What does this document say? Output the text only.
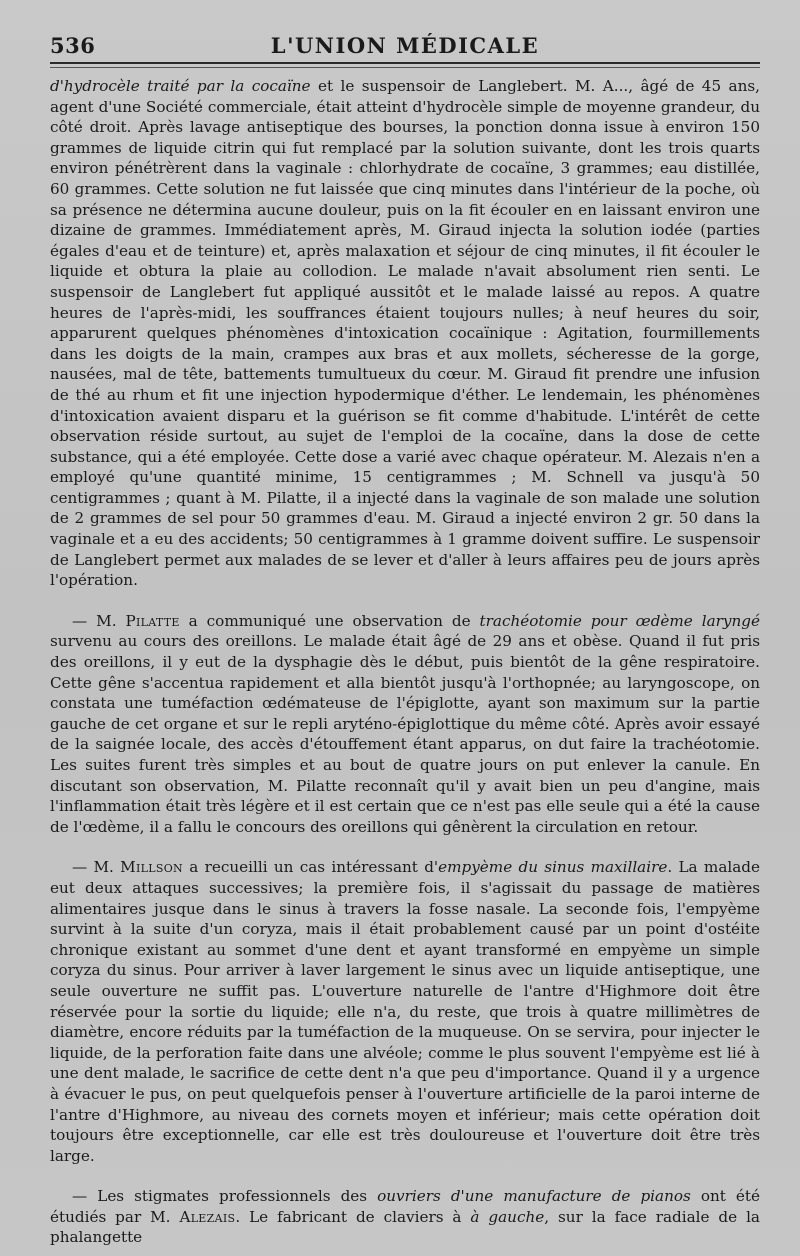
536	L'UNION MÉDICALE

d'hydrocèle traité par la cocaïne et le suspensoir de Langlebert. M. A..., âgé de 45 ans, agent d'une Société commerciale, était atteint d'hydrocèle simple de moyenne grandeur, du côté droit. Après lavage antiseptique des bourses, la ponction donna issue à environ 150 grammes de liquide citrin qui fut remplacé par la solution suivante, dont les trois quarts environ pénétrèrent dans la vaginale : chlorhydrate de cocaïne, 3 grammes; eau distillée, 60 grammes. Cette solution ne fut laissée que cinq minutes dans l'intérieur de la poche, où sa présence ne détermina aucune douleur, puis on la fit écouler en en laissant environ une dizaine de grammes. Immédiatement après, M. Giraud injecta la solution iodée (parties égales d'eau et de teinture) et, après malaxation et séjour de cinq minutes, il fit écouler le liquide et obtura la plaie au collodion. Le malade n'avait absolument rien senti. Le suspensoir de Langlebert fut appliqué aussitôt et le malade laissé au repos. A quatre heures de l'après-midi, les souffrances étaient toujours nulles; à neuf heures du soir, apparurent quelques phénomènes d'intoxication cocaïnique : Agitation, fourmillements dans les doigts de la main, crampes aux bras et aux mollets, sécheresse de la gorge, nausées, mal de tête, battements tumultueux du cœur. M. Giraud fit prendre une infusion de thé au rhum et fit une injection hypodermique d'éther. Le lendemain, les phénomènes d'intoxication avaient disparu et la guérison se fit comme d'habitude. L'intérêt de cette observation réside surtout, au sujet de l'emploi de la cocaïne, dans la dose de cette substance, qui a été employée. Cette dose a varié avec chaque opérateur. M. Alezais n'en a employé qu'une quantité minime, 15 centigrammes ; M. Schnell va jusqu'à 50 centigrammes ; quant à M. Pilatte, il a injecté dans la vaginale de son malade une solution de 2 grammes de sel pour 50 grammes d'eau. M. Giraud a injecté environ 2 gr. 50 dans la vaginale et a eu des accidents; 50 centigrammes à 1 gramme doivent suffire. Le suspensoir de Langlebert permet aux malades de se lever et d'aller à leurs affaires peu de jours après l'opération.

— M. Pilatte a communiqué une observation de trachéotomie pour œdème laryngé survenu au cours des oreillons. Le malade était âgé de 29 ans et obèse. Quand il fut pris des oreillons, il y eut de la dysphagie dès le début, puis bientôt de la gêne respiratoire. Cette gêne s'accentua rapidement et alla bientôt jusqu'à l'orthopnée; au laryngoscope, on constata une tuméfaction œdémateuse de l'épiglotte, ayant son maximum sur la partie gauche de cet organe et sur le repli aryténo-épiglottique du même côté. Après avoir essayé de la saignée locale, des accès d'étouffement étant apparus, on dut faire la trachéotomie. Les suites furent très simples et au bout de quatre jours on put enlever la canule. En discutant son observation, M. Pilatte reconnaît qu'il y avait bien un peu d'angine, mais l'inflammation était très légère et il est certain que ce n'est pas elle seule qui a été la cause de l'œdème, il a fallu le concours des oreillons qui gênèrent la circulation en retour.

— M. Millson a recueilli un cas intéressant d'empyème du sinus maxillaire. La malade eut deux attaques successives; la première fois, il s'agissait du passage de matières alimentaires jusque dans le sinus à travers la fosse nasale. La seconde fois, l'empyème survint à la suite d'un coryza, mais il était probablement causé par un point d'ostéite chronique existant au sommet d'une dent et ayant transformé en empyème un simple coryza du sinus. Pour arriver à laver largement le sinus avec un liquide antiseptique, une seule ouverture ne suffit pas. L'ouverture naturelle de l'antre d'Highmore doit être réservée pour la sortie du liquide; elle n'a, du reste, que trois à quatre millimètres de diamètre, encore réduits par la tuméfaction de la muqueuse. On se servira, pour injecter le liquide, de la perforation faite dans une alvéole; comme le plus souvent l'empyème est lié à une dent malade, le sacrifice de cette dent n'a que peu d'importance. Quand il y a urgence à évacuer le pus, on peut quelquefois penser à l'ouverture artificielle de la paroi interne de l'antre d'Highmore, au niveau des cornets moyen et inférieur; mais cette opération doit toujours être exceptionnelle, car elle est très douloureuse et l'ouverture doit être très large.

— Les stigmates professionnels des ouvriers d'une manufacture de pianos ont été étudiés par M. Alezais. Le fabricant de claviers à à gauche, sur la face radiale de la phalangette
